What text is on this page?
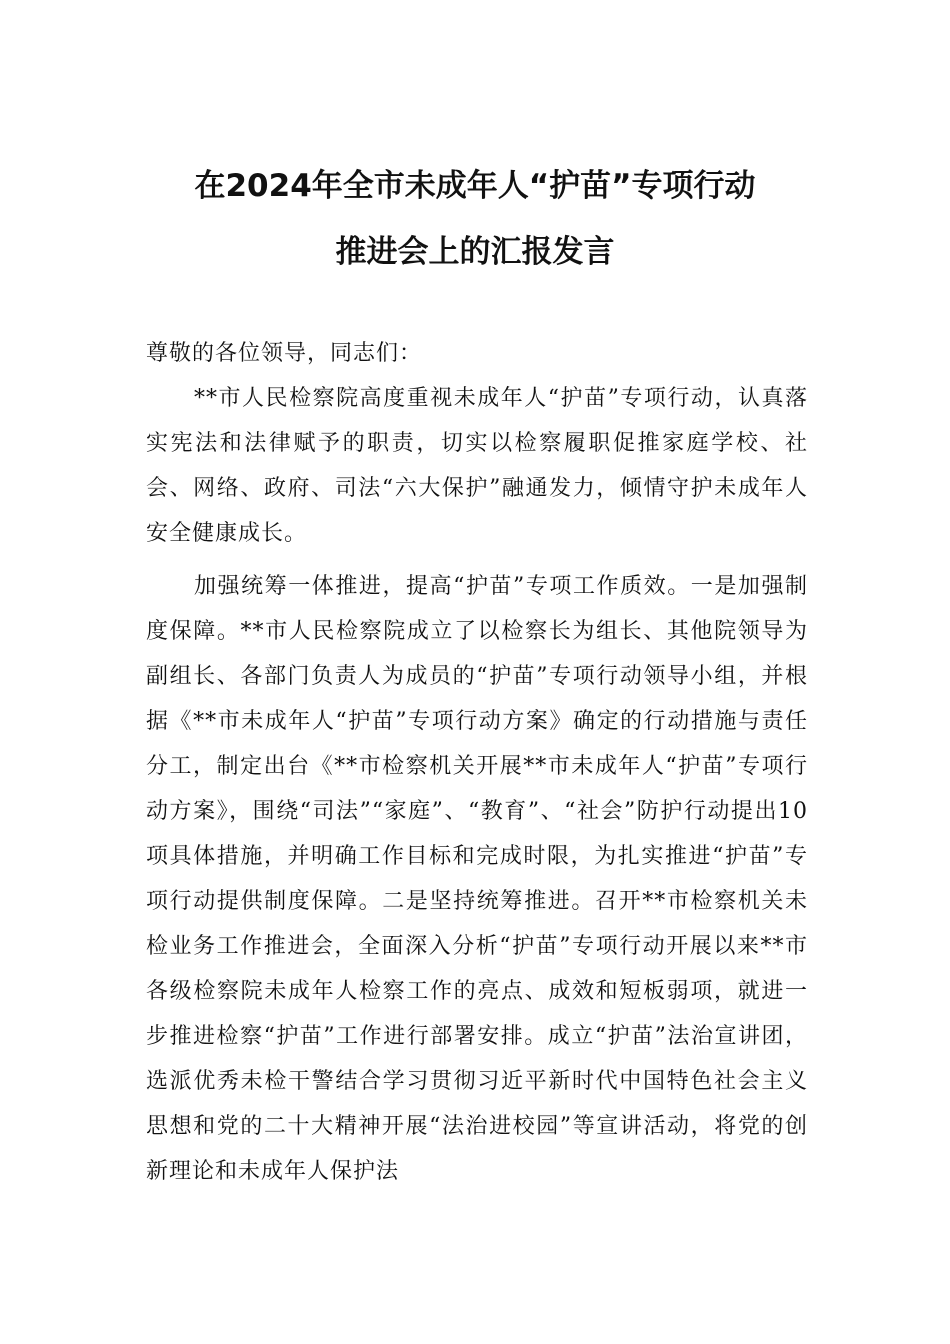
在2024年全市未成年人“护苗”专项行动
推进会上的汇报发言

尊敬的各位领导，同志们：

**市人民检察院高度重视未成年人“护苗”专项行动，认真落实宪法和法律赋予的职责，切实以检察履职促推家庭学校、社会、网络、政府、司法“六大保护”融通发力，倾情守护未成年人安全健康成长。

加强统筹一体推进，提高“护苗”专项工作质效。一是加强制度保障。**市人民检察院成立了以检察长为组长、其他院领导为副组长、各部门负责人为成员的“护苗”专项行动领导小组，并根据《**市未成年人“护苗”专项行动方案》确定的行动措施与责任分工，制定出台《**市检察机关开展**市未成年人“护苗”专项行动方案》，围绕“司法”“家庭”、“教育”、“社会”防护行动提出10项具体措施，并明确工作目标和完成时限，为扎实推进“护苗”专项行动提供制度保障。二是坚持统筹推进。召开**市检察机关未检业务工作推进会，全面深入分析“护苗”专项行动开展以来**市各级检察院未成年人检察工作的亮点、成效和短板弱项，就进一步推进检察“护苗”工作进行部署安排。成立“护苗”法治宣讲团，选派优秀未检干警结合学习贯彻习近平新时代中国特色社会主义思想和党的二十大精神开展“法治进校园”等宣讲活动，将党的创新理论和未成年人保护法
